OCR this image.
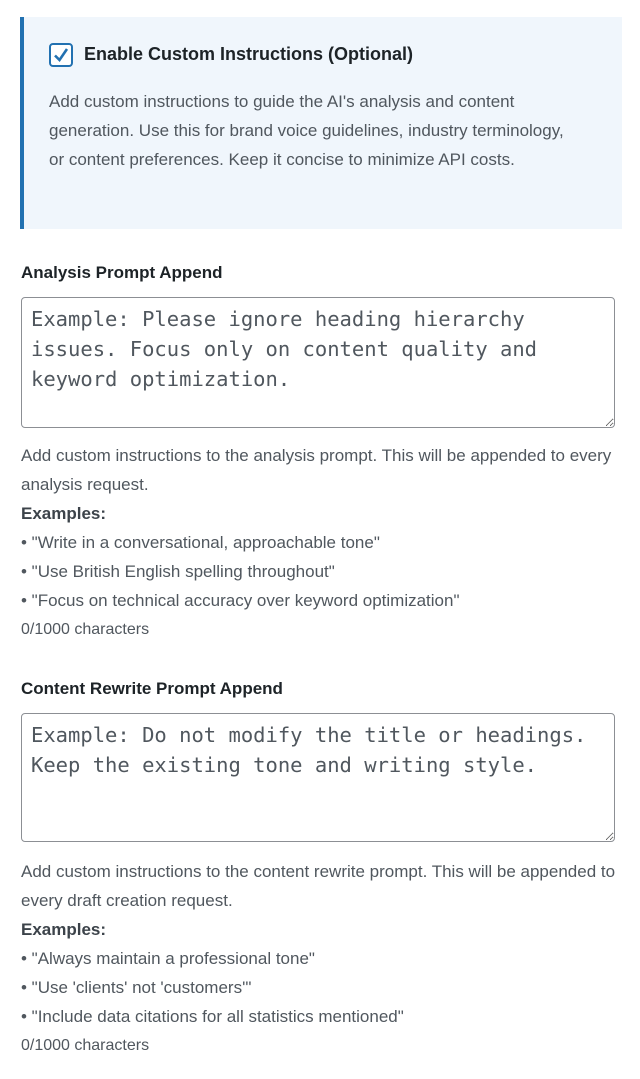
Enable Custom Instructions (Optional)
Add custom instructions to guide the AI's analysis and content generation. Use this for brand voice guidelines, industry terminology, or content preferences. Keep it concise to minimize API costs.
Analysis Prompt Append
Example: Please ignore heading hierarchy issues. Focus only on content quality and keyword optimization.
Add custom instructions to the analysis prompt. This will be appended to every analysis request.
Examples:
• "Write in a conversational, approachable tone"
• "Use British English spelling throughout"
• "Focus on technical accuracy over keyword optimization"
0/1000 characters
Content Rewrite Prompt Append
Example: Do not modify the title or headings. Keep the existing tone and writing style.
Add custom instructions to the content rewrite prompt. This will be appended to every draft creation request.
Examples:
• "Always maintain a professional tone"
• "Use 'clients' not 'customers'"
• "Include data citations for all statistics mentioned"
0/1000 characters
